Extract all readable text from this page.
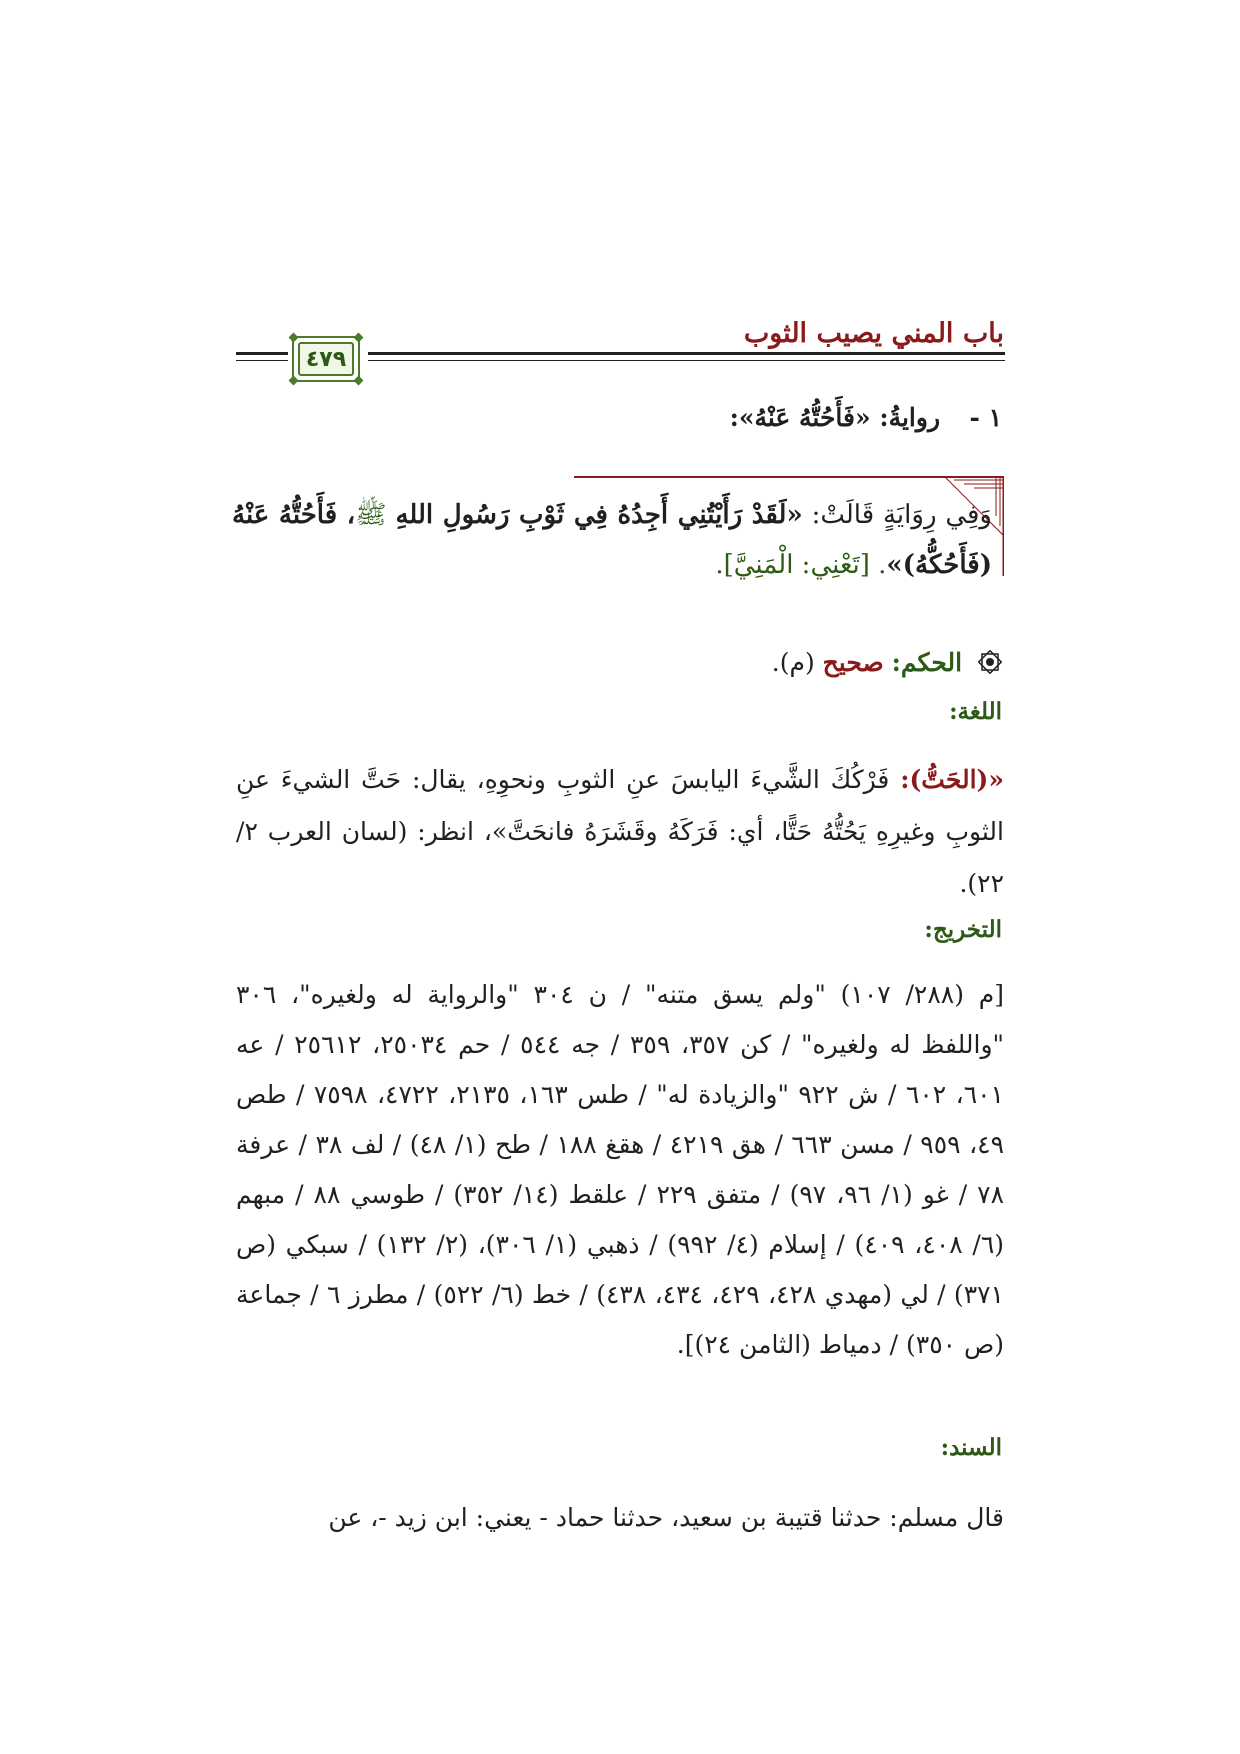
باب المني يصيب الثوب
٤٧٩
١ -  روايةُ: «فَأَحُتُّهُ عَنْهُ»:
وَفِي رِوَايَةٍ قَالَتْ: «لَقَدْ رَأَيْتُنِي أَجِدُهُ فِي ثَوْبِ رَسُولِ اللهِ ﷺ، فَأَحُتُّهُ عَنْهُ (فَأَحُكُّهُ)». [تَعْنِي: الْمَنِيَّ].
الحكم: صحيح (م).
اللغة:
«(الحَتُّ): فَرْكُكَ الشَّيءَ اليابسَ عنِ الثوبِ ونحوِهِ، يقال: حَتَّ الشيءَ عنِ الثوبِ وغيرِهِ يَحُتُّهُ حَتًّا، أي: فَرَكَهُ وقَشَرَهُ فانحَتَّ»، انظر: (لسان العرب ٢/ ٢٢).
التخريج:
[م (٢٨٨/ ١٠٧) "ولم يسق متنه" / ن ٣٠٤ "والرواية له ولغيره"، ٣٠٦ "واللفظ له ولغيره" / كن ٣٥٧، ٣٥٩ / جه ٥٤٤ / حم ٢٥٠٣٤، ٢٥٦١٢ / عه ٦٠١، ٦٠٢ / ش ٩٢٢ "والزيادة له" / طس ١٦٣، ٢١٣٥، ٤٧٢٢، ٧٥٩٨ / طص ٤٩، ٩٥٩ / مسن ٦٦٣ / هق ٤٢١٩ / هقغ ١٨٨ / طح (١/ ٤٨) / لف ٣٨ / عرفة ٧٨ / غو (١/ ٩٦، ٩٧) / متفق ٢٢٩ / علقط (١٤/ ٣٥٢) / طوسي ٨٨ / مبهم (٦/ ٤٠٨، ٤٠٩) / إسلام (٤/ ٩٩٢) / ذهبي (١/ ٣٠٦)، (٢/ ١٣٢) / سبكي (ص ٣٧١) / لي (مهدي ٤٢٨، ٤٢٩، ٤٣٤، ٤٣٨) / خط (٦/ ٥٢٢) / مطرز ٦ / جماعة (ص ٣٥٠) / دمياط (الثامن ٢٤)].
السند:
قال مسلم: حدثنا قتيبة بن سعيد، حدثنا حماد - يعني: ابن زيد -، عن
